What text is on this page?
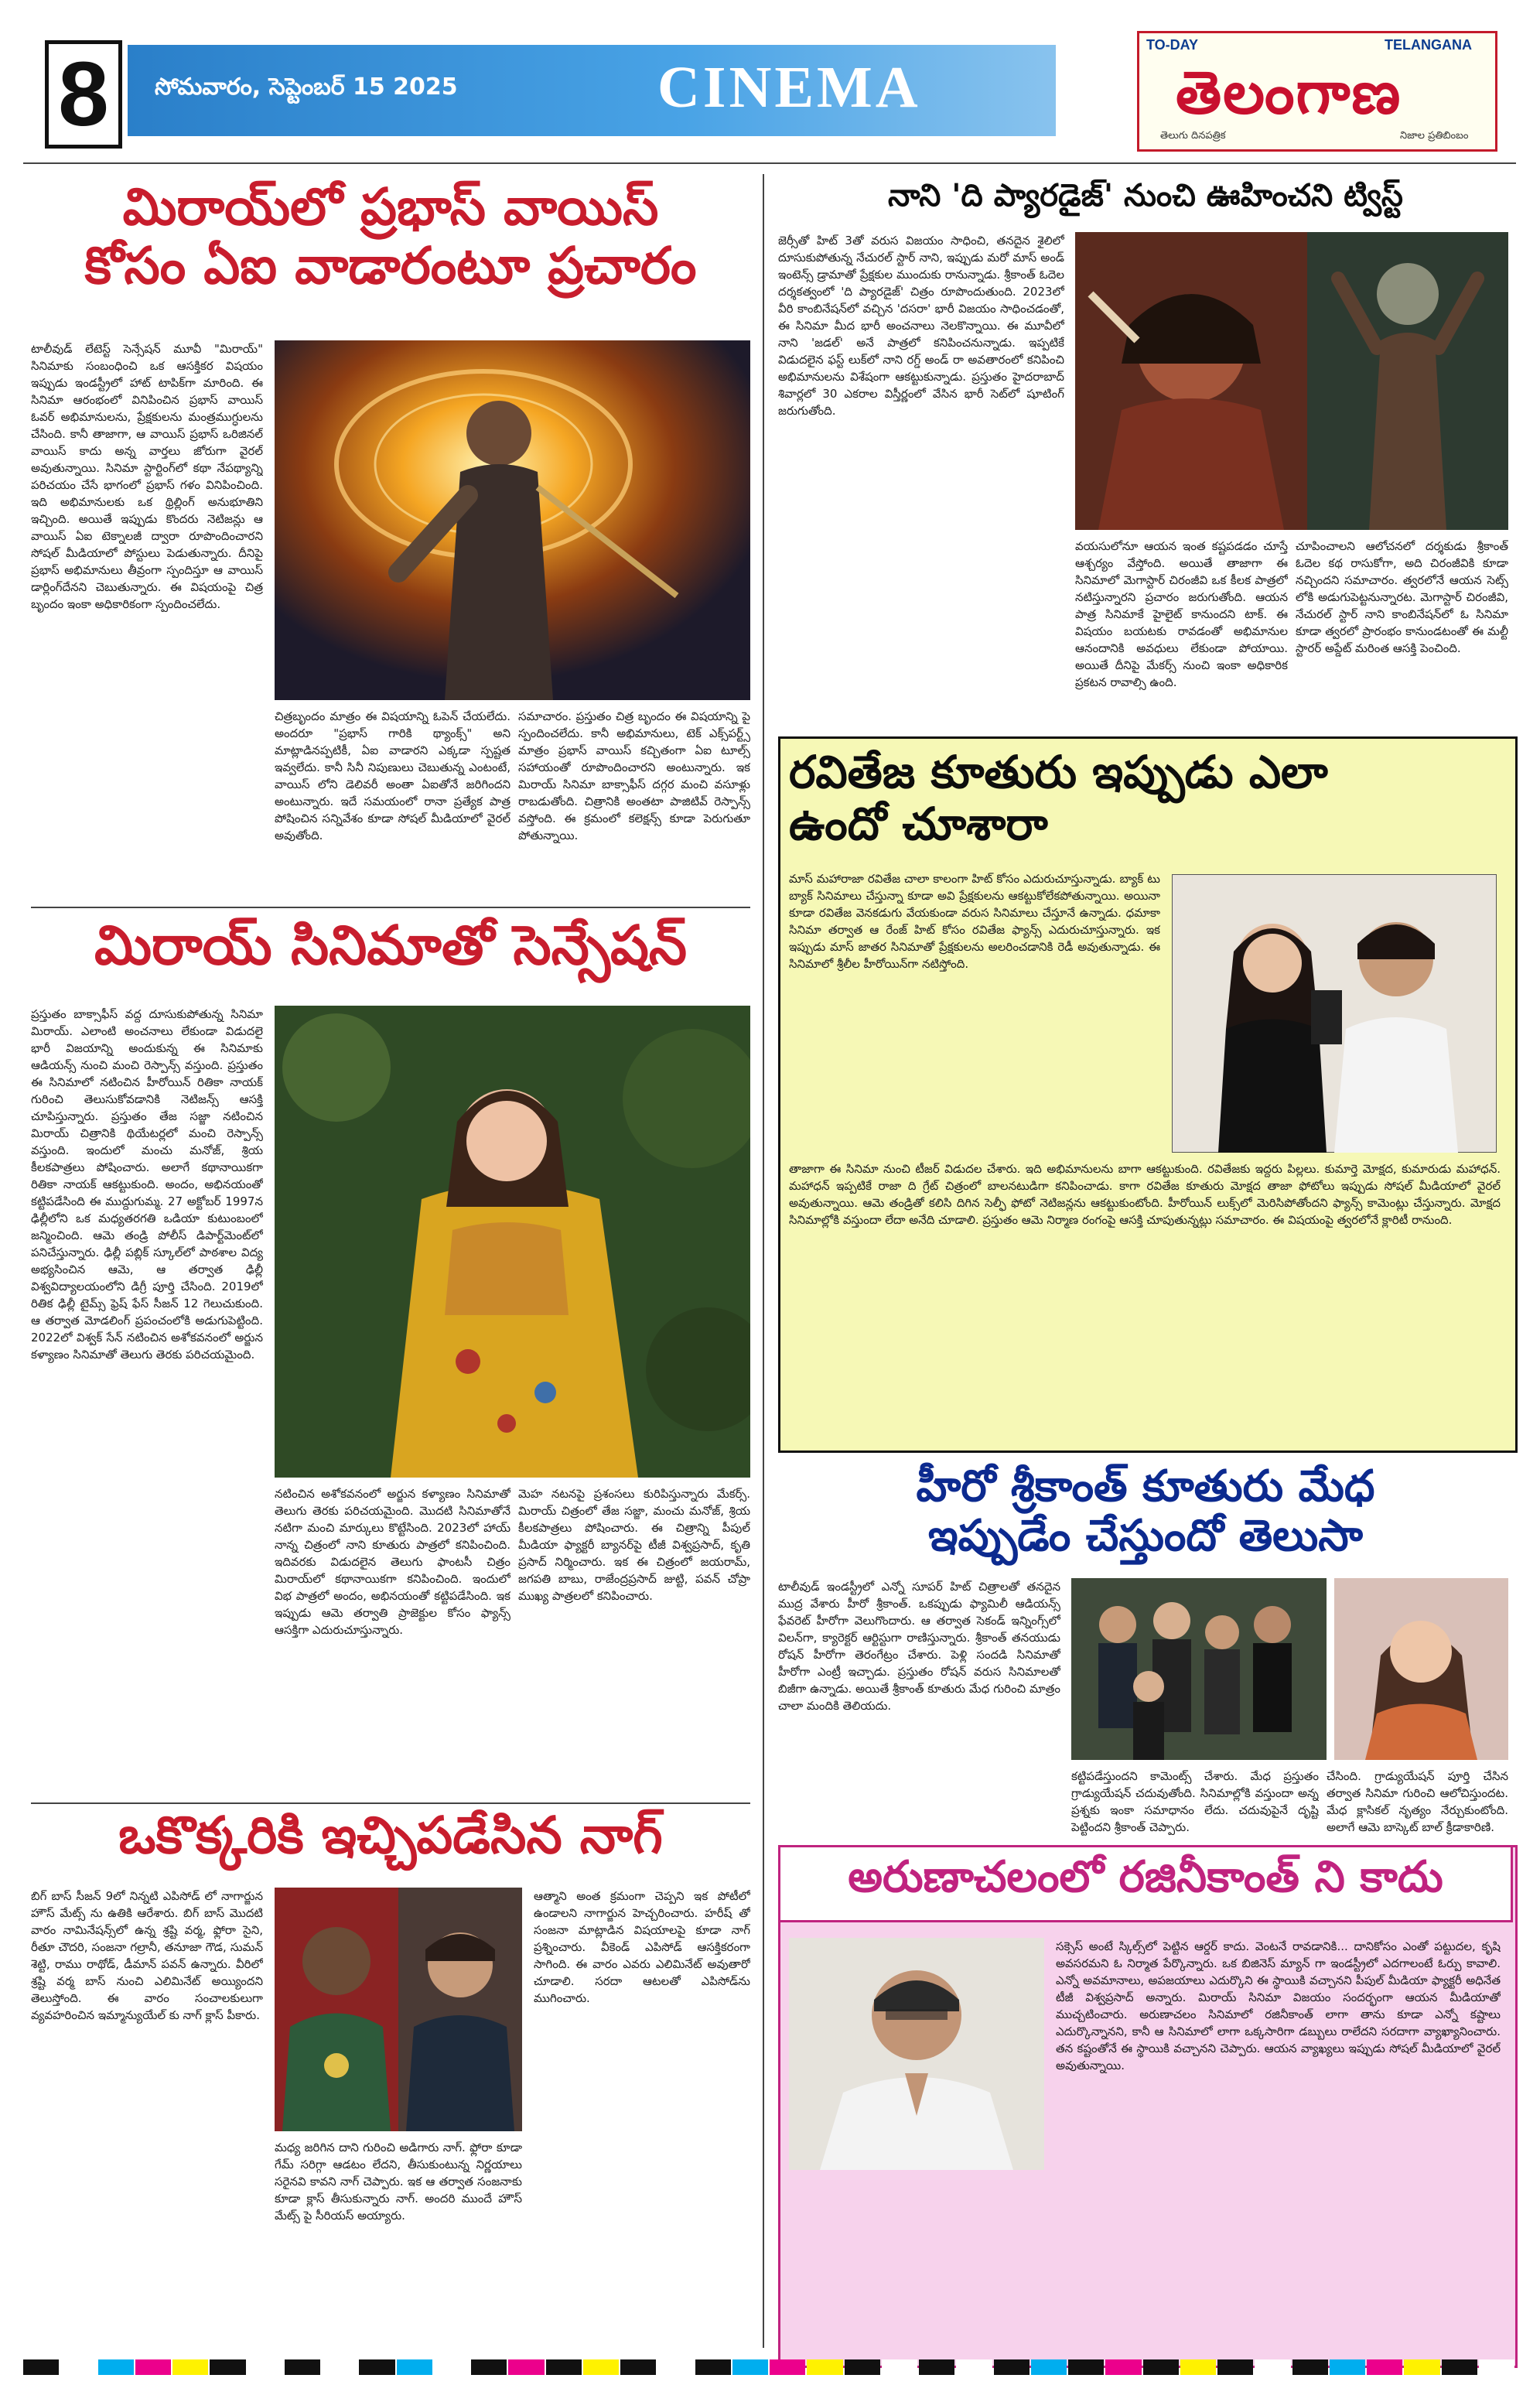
8	సోమవారం, సెప్టెంబర్ 15 2025	CINEMA
TO-DAY	TELANGANA
తెలంగాణ
తెలుగు దినపత్రిక	నిజాల ప్రతిబింబం
మిరాయ్‌లో ప్రభాస్ వాయిస్
కోసం ఏఐ వాడారంటూ ప్రచారం
టాలీవుడ్ లేటెస్ట్ సెన్సేషన్ మూవీ "మిరాయ్" సినిమాకు సంబంధించి ఒక ఆసక్తికర విషయం ఇప్పుడు ఇండస్ట్రీలో హాట్ టాపిక్‌గా మారింది. ఈ సినిమా ఆరంభంలో వినిపించిన ప్రభాస్ వాయిస్ ఓవర్ అభిమానులను, ప్రేక్షకులను మంత్రముగ్ధులను చేసింది. కానీ తాజాగా, ఆ వాయిస్ ప్రభాస్ ఒరిజినల్ వాయిస్ కాదు అన్న వార్తలు జోరుగా వైరల్ అవుతున్నాయి. సినిమా స్టార్టింగ్‌లో కథా నేపథ్యాన్ని పరిచయం చేసే భాగంలో ప్రభాస్ గళం వినిపించింది. ఇది అభిమానులకు ఒక థ్రిల్లింగ్ అనుభూతిని ఇచ్చింది. అయితే ఇప్పుడు కొందరు నెటిజన్లు ఆ వాయిస్ ఏఐ టెక్నాలజీ ద్వారా రూపొందించారని సోషల్ మీడియాలో పోస్టులు పెడుతున్నారు. దీనిపై ప్రభాస్ అభిమానులు తీవ్రంగా స్పందిస్తూ ఆ వాయిస్ డార్లింగ్‌దేనని చెబుతున్నారు. ఈ విషయంపై చిత్ర బృందం ఇంకా అధికారికంగా స్పందించలేదు.
చిత్రబృందం మాత్రం ఈ విషయాన్ని ఓపెన్ చేయలేదు. అందరూ "ప్రభాస్ గారికి థ్యాంక్స్" అని మాట్లాడినప్పటికీ, ఏఐ వాడారని ఎక్కడా స్పష్టత ఇవ్వలేదు. కానీ సినీ నిపుణులు చెబుతున్న ఎంటంటే, వాయిస్ లోని డెలివరీ అంతా ఏఐతోనే జరిగిందని అంటున్నారు. ఇదే సమయంలో రానా ప్రత్యేక పాత్ర పోషించిన సన్నివేశం కూడా సోషల్ మీడియాలో వైరల్ అవుతోంది.
సమాచారం. ప్రస్తుతం చిత్ర బృందం ఈ విషయాన్ని పై స్పందించలేదు. కానీ అభిమానులు, టెక్ ఎక్స్‌పర్ట్స్ మాత్రం ప్రభాస్ వాయిస్ కచ్చితంగా ఏఐ టూల్స్ సహాయంతో రూపొందించారని అంటున్నారు. ఇక మిరాయ్ సినిమా బాక్సాఫీస్ దగ్గర మంచి వసూళ్లు రాబడుతోంది. చిత్రానికి అంతటా పాజిటివ్ రెస్పాన్స్ వస్తోంది. ఈ క్రమంలో కలెక్షన్స్ కూడా పెరుగుతూ పోతున్నాయి.
మిరాయ్ సినిమాతో సెన్సేషన్
ప్రస్తుతం బాక్సాఫీస్ వద్ద దూసుకుపోతున్న సినిమా మిరాయ్. ఎలాంటి అంచనాలు లేకుండా విడుదలై భారీ విజయాన్ని అందుకున్న ఈ సినిమాకు ఆడియన్స్ నుంచి మంచి రెస్పాన్స్ వస్తుంది. ప్రస్తుతం ఈ సినిమాలో నటించిన హీరోయిన్ రితికా నాయక్ గురించి తెలుసుకోవడానికి నెటిజన్స్ ఆసక్తి చూపిస్తున్నారు. ప్రస్తుతం తేజ సజ్జా నటించిన మిరాయ్ చిత్రానికి థియేటర్లలో మంచి రెస్పాన్స్ వస్తుంది. ఇందులో మంచు మనోజ్, శ్రియ కీలకపాత్రలు పోషించారు. అలాగే కథానాయికగా రితికా నాయక్ ఆకట్టుకుంది. అందం, అభినయంతో కట్టిపడేసింది ఈ ముద్దుగుమ్మ. 27 అక్టోబర్ 1997న ఢిల్లీలోని ఒక మధ్యతరగతి ఒడియా కుటుంబంలో జన్మించింది. ఆమె తండ్రి పోలీస్ డిపార్ట్‌మెంట్‌లో పనిచేస్తున్నారు. ఢిల్లీ పబ్లిక్ స్కూల్‌లో పాఠశాల విద్య అభ్యసించిన ఆమె, ఆ తర్వాత ఢిల్లీ విశ్వవిద్యాలయంలోని డిగ్రీ పూర్తి చేసింది. 2019లో రితిక ఢిల్లీ టైమ్స్ ఫ్రెష్ ఫేస్ సీజన్ 12 గెలుచుకుంది. ఆ తర్వాత మోడలింగ్ ప్రపంచంలోకి అడుగుపెట్టింది. 2022లో విశ్వక్ సేన్ నటించిన అశోకవనంలో అర్జున కళ్యాణం సినిమాతో తెలుగు తెరకు పరిచయమైంది.
నటించిన అశోకవనంలో అర్జున కళ్యాణం సినిమాతో తెలుగు తెరకు పరిచయమైంది. మొదటి సినిమాతోనే నటిగా మంచి మార్కులు కొట్టేసింది. 2023లో హాయ్ నాన్న చిత్రంలో నాని కూతురు పాత్రలో కనిపించింది. ఇదివరకు విడుదలైన తెలుగు ఫాంటసీ చిత్రం మిరాయ్‌లో కథానాయికగా కనిపించింది. ఇందులో విభ పాత్రలో అందం, అభినయంతో కట్టిపడేసింది. ఇక ఇప్పుడు ఆమె తర్వాతి ప్రాజెక్టుల కోసం ఫ్యాన్స్ ఆసక్తిగా ఎదురుచూస్తున్నారు.
మెహ నటనపై ప్రశంసలు కురిపిస్తున్నారు మేకర్స్. మిరాయ్ చిత్రంలో తేజ సజ్జా, మంచు మనోజ్, శ్రియ కీలకపాత్రలు పోషించారు. ఈ చిత్రాన్ని పీపుల్ మీడియా ఫ్యాక్టరీ బ్యానర్‌పై టీజీ విశ్వప్రసాద్, కృతి ప్రసాద్ నిర్మించారు. ఇక ఈ చిత్రంలో జయరామ్, జగపతి బాబు, రాజేంద్రప్రసాద్ జుట్టి, పవన్ చోప్రా ముఖ్య పాత్రలలో కనిపించారు.
ఒకొక్కరికి ఇచ్చిపడేసిన నాగ్
బిగ్ బాస్ సీజన్ 9లో నిన్నటి ఎపిసోడ్ లో నాగార్జున హౌస్ మేట్స్ ను ఉతికి ఆరేశారు. బిగ్ బాస్ మొదటి వారం నామినేషన్స్‌లో ఉన్న శ్రష్టి వర్మ, ఫ్లోరా సైని, రీతూ చౌదరి, సంజనా గల్రానీ, తనూజా గౌడ, సుమన్ శెట్టి, రాము రాథోడ్, డీమాన్ పవన్ ఉన్నారు. వీరిలో శ్రష్టి వర్మ బాస్ నుంచి ఎలిమినేట్ అయ్యిందని తెలుస్తోంది. ఈ వారం సంచాలకులుగా వ్యవహరించిన ఇమ్మాన్యుయేల్ కు నాగ్ క్లాస్ పీకారు.
మధ్య జరిగిన దాని గురించి అడిగారు నాగ్. ఫ్లోరా కూడా గేమ్ సరిగ్గా ఆడటం లేదని, తీసుకుంటున్న నిర్ణయాలు సరైనవి కావని నాగ్ చెప్పారు. ఇక ఆ తర్వాత సంజనాకు కూడా క్లాస్ తీసుకున్నారు నాగ్. అందరి ముందే హౌస్ మేట్స్ పై సీరియస్ అయ్యారు.
ఆత్మాని అంత క్రమంగా చెప్పని ఇక పోటీలో ఉండాలని నాగార్జున హెచ్చరించారు. హరీష్ తో సంజనా మాట్లాడిన విషయాలపై కూడా నాగ్ ప్రశ్నించారు. వీకెండ్ ఎపిసోడ్ ఆసక్తికరంగా సాగింది. ఈ వారం ఎవరు ఎలిమినేట్ అవుతారో చూడాలి. సరదా ఆటలతో ఎపిసోడ్‌ను ముగించారు.
నాని 'ది ప్యారడైజ్' నుంచి ఊహించని ట్విస్ట్
జెర్సీతో హిట్ 3తో వరుస విజయం సాధించి, తనదైన శైలిలో దూసుకుపోతున్న నేచురల్ స్టార్ నాని, ఇప్పుడు మరో మాస్ అండ్ ఇంటెన్స్ డ్రామాతో ప్రేక్షకుల ముందుకు రానున్నాడు. శ్రీకాంత్ ఓదెల దర్శకత్వంలో 'ది ప్యారడైజ్' చిత్రం రూపొందుతుంది. 2023లో వీరి కాంబినేషన్‌లో వచ్చిన 'దసరా' భారీ విజయం సాధించడంతో, ఈ సినిమా మీద భారీ అంచనాలు నెలకొన్నాయి. ఈ మూవీలో నాని 'జడల్' అనే పాత్రలో కనిపించనున్నాడు. ఇప్పటికే విడుదలైన ఫస్ట్ లుక్‌లో నాని రగ్డ్ అండ్ రా అవతారంలో కనిపించి అభిమానులను విశేషంగా ఆకట్టుకున్నాడు. ప్రస్తుతం హైదరాబాద్ శివార్లలో 30 ఎకరాల విస్తీర్ణంలో వేసిన భారీ సెట్‌లో షూటింగ్ జరుగుతోంది.
వయసులోనూ ఆయన ఇంత కష్టపడడం చూస్తే ఆశ్చర్యం వేస్తోంది. అయితే తాజాగా ఈ సినిమాలో మెగాస్టార్ చిరంజీవి ఒక కీలక పాత్రలో నటిస్తున్నారని ప్రచారం జరుగుతోంది. ఆయన పాత్ర సినిమాకే హైలైట్ కానుందని టాక్. ఈ విషయం బయటకు రావడంతో అభిమానుల ఆనందానికి అవధులు లేకుండా పోయాయి. అయితే దీనిపై మేకర్స్ నుంచి ఇంకా అధికారిక ప్రకటన రావాల్సి ఉంది.
చూపించాలని ఆలోచనలో దర్శకుడు శ్రీకాంత్ ఓదెల కథ రాసుకోగా, అది చిరంజీవికి కూడా నచ్చిందని సమాచారం. త్వరలోనే ఆయన సెట్స్ లోకి అడుగుపెట్టనున్నారట. మెగాస్టార్ చిరంజీవి, నేచురల్ స్టార్ నాని కాంబినేషన్‌లో ఓ సినిమా కూడా త్వరలో ప్రారంభం కానుండటంతో ఈ మల్టీ స్టారర్ అప్డేట్ మరింత ఆసక్తి పెంచింది.
రవితేజ కూతురు ఇప్పుడు ఎలా
ఉందో చూశారా
మాస్ మహారాజా రవితేజ చాలా కాలంగా హిట్ కోసం ఎదురుచూస్తున్నాడు. బ్యాక్ టు బ్యాక్ సినిమాలు చేస్తున్నా కూడా అవి ప్రేక్షకులను ఆకట్టుకోలేకపోతున్నాయి. అయినా కూడా రవితేజ వెనకడుగు వేయకుండా వరుస సినిమాలు చేస్తూనే ఉన్నాడు. ధమాకా సినిమా తర్వాత ఆ రేంజ్ హిట్ కోసం రవితేజ ఫ్యాన్స్ ఎదురుచూస్తున్నారు. ఇక ఇప్పుడు మాస్ జాతర సినిమాతో ప్రేక్షకులను అలరించడానికి రెడీ అవుతున్నాడు. ఈ సినిమాలో శ్రీలీల హీరోయిన్‌గా నటిస్తోంది.
తాజాగా ఈ సినిమా నుంచి టీజర్ విడుదల చేశారు. ఇది అభిమానులను బాగా ఆకట్టుకుంది. రవితేజకు ఇద్దరు పిల్లలు. కుమార్తె మోక్షద, కుమారుడు మహాధన్. మహాధన్ ఇప్పటికే రాజా ది గ్రేట్ చిత్రంలో బాలనటుడిగా కనిపించాడు. కాగా రవితేజ కూతురు మోక్షద తాజా ఫోటోలు ఇప్పుడు సోషల్ మీడియాలో వైరల్ అవుతున్నాయి. ఆమె తండ్రితో కలిసి దిగిన సెల్ఫీ ఫోటో నెటిజన్లను ఆకట్టుకుంటోంది. హీరోయిన్ లుక్స్‌లో మెరిసిపోతోందని ఫ్యాన్స్ కామెంట్లు చేస్తున్నారు. మోక్షద సినిమాల్లోకి వస్తుందా లేదా అనేది చూడాలి. ప్రస్తుతం ఆమె నిర్మాణ రంగంపై ఆసక్తి చూపుతున్నట్లు సమాచారం. ఈ విషయంపై త్వరలోనే క్లారిటీ రానుంది.
హీరో శ్రీకాంత్ కూతురు మేధ
ఇప్పుడేం చేస్తుందో తెలుసా
టాలీవుడ్ ఇండస్ట్రీలో ఎన్నో సూపర్ హిట్ చిత్రాలతో తనదైన ముద్ర వేశారు హీరో శ్రీకాంత్. ఒకప్పుడు ఫ్యామిలీ ఆడియన్స్ ఫేవరెట్ హీరోగా వెలుగొందారు. ఆ తర్వాత సెకండ్ ఇన్నింగ్స్‌లో విలన్‌గా, క్యారెక్టర్ ఆర్టిస్టుగా రాణిస్తున్నారు. శ్రీకాంత్ తనయుడు రోషన్ హీరోగా తెరంగేట్రం చేశారు. పెళ్లి సందడి సినిమాతో హీరోగా ఎంట్రీ ఇచ్చాడు. ప్రస్తుతం రోషన్ వరుస సినిమాలతో బిజీగా ఉన్నాడు. అయితే శ్రీకాంత్ కూతురు మేధ గురించి మాత్రం చాలా మందికి తెలియదు.
కట్టిపడేస్తుందని కామెంట్స్ చేశారు. మేధ ప్రస్తుతం గ్రాడ్యుయేషన్ చదువుతోంది. సినిమాల్లోకి వస్తుందా అన్న ప్రశ్నకు ఇంకా సమాధానం లేదు. చదువుపైనే దృష్టి పెట్టిందని శ్రీకాంత్ చెప్పారు.
చేసింది. గ్రాడ్యుయేషన్ పూర్తి చేసిన తర్వాత సినిమా గురించి ఆలోచిస్తుందట. మేధ క్లాసికల్ నృత్యం నేర్చుకుంటోంది. అలాగే ఆమె బాస్కెట్ బాల్ క్రీడాకారిణి.
అరుణాచలంలో రజినీకాంత్ ని కాదు
సక్సెస్ అంటే స్కిల్స్‌లో పెట్టిన ఆర్డర్ కాదు. వెంటనే రావడానికి... దానికోసం ఎంతో పట్టుదల, కృషి అవసరమని ఓ నిర్మాత పేర్కొన్నారు. ఒక బిజినెస్ మ్యాన్ గా ఇండస్ట్రీలో ఎదగాలంటే ఓర్పు కావాలి. ఎన్నో అవమానాలు, అపజయాలు ఎదుర్కొని ఈ స్థాయికి వచ్చానని పీపుల్ మీడియా ఫ్యాక్టరీ అధినేత టీజీ విశ్వప్రసాద్ అన్నారు. మిరాయ్ సినిమా విజయం సందర్భంగా ఆయన మీడియాతో ముచ్చటించారు. అరుణాచలం సినిమాలో రజినీకాంత్ లాగా తాను కూడా ఎన్నో కష్టాలు ఎదుర్కొన్నానని, కానీ ఆ సినిమాలో లాగా ఒక్కసారిగా డబ్బులు రాలేదని సరదాగా వ్యాఖ్యానించారు. తన కష్టంతోనే ఈ స్థాయికి వచ్చానని చెప్పారు. ఆయన వ్యాఖ్యలు ఇప్పుడు సోషల్ మీడియాలో వైరల్ అవుతున్నాయి.
